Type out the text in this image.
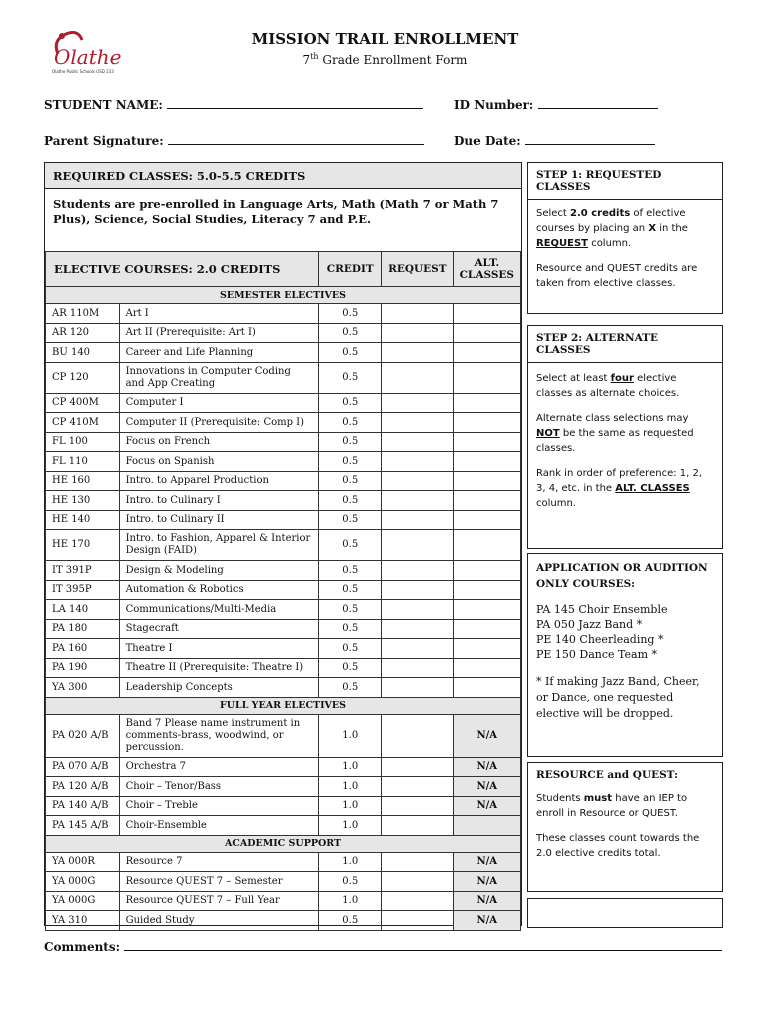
Olathe
Olathe Public Schools USD 233
MISSION TRAIL ENROLLMENT
7th Grade Enrollment Form
STUDENT NAME:	ID Number:
Parent Signature:	Due Date:
REQUIRED CLASSES: 5.0-5.5 CREDITS
Students are pre-enrolled in Language Arts, Math (Math 7 or Math 7 Plus), Science, Social Studies, Literacy 7 and P.E.
ELECTIVE COURSES: 2.0 CREDITS		CREDIT	REQUEST	ALT. CLASSES
SEMESTER ELECTIVES				
AR 110M	Art I	0.5		
AR 120	Art II (Prerequisite: Art I)	0.5		
BU 140	Career and Life Planning	0.5		
CP 120	Innovations in Computer Coding and App Creating	0.5		
CP 400M	Computer I	0.5		
CP 410M	Computer II (Prerequisite: Comp I)	0.5		
FL 100	Focus on French	0.5		
FL 110	Focus on Spanish	0.5		
HE 160	Intro. to Apparel Production	0.5		
HE 130	Intro. to Culinary I	0.5		
HE 140	Intro. to Culinary II	0.5		
HE 170	Intro. to Fashion, Apparel & Interior Design (FAID)	0.5		
IT 391P	Design & Modeling	0.5		
IT 395P	Automation & Robotics	0.5		
LA 140	Communications/Multi-Media	0.5		
PA 180	Stagecraft	0.5		
PA 160	Theatre I	0.5		
PA 190	Theatre II (Prerequisite: Theatre I)	0.5		
YA 300	Leadership Concepts	0.5		
FULL YEAR ELECTIVES				
PA 020 A/B	Band 7 Please name instrument in comments-brass, woodwind, or percussion.	1.0		N/A
PA 070 A/B	Orchestra 7	1.0		N/A
PA 120 A/B	Choir – Tenor/Bass	1.0		N/A
PA 140 A/B	Choir – Treble	1.0		N/A
PA 145 A/B	Choir-Ensemble	1.0		
ACADEMIC SUPPORT				
YA 000R	Resource 7	1.0		N/A
YA 000G	Resource QUEST 7 – Semester	0.5		N/A
YA 000G	Resource QUEST 7 – Full Year	1.0		N/A
YA 310	Guided Study	0.5		N/A
STEP 1: REQUESTED CLASSES
Select 2.0 credits of elective courses by placing an X in the REQUEST column.
Resource and QUEST credits are taken from elective classes.
STEP 2: ALTERNATE CLASSES
Select at least four elective classes as alternate choices.
Alternate class selections may NOT be the same as requested classes.
Rank in order of preference: 1, 2, 3, 4, etc. in the ALT. CLASSES column.
APPLICATION OR AUDITION ONLY COURSES:
PA 145 Choir Ensemble
PA 050 Jazz Band *
PE 140 Cheerleading *
PE 150 Dance Team *
* If making Jazz Band, Cheer, or Dance, one requested elective will be dropped.
RESOURCE and QUEST:
Students must have an IEP to enroll in Resource or QUEST.
These classes count towards the 2.0 elective credits total.
Comments:
